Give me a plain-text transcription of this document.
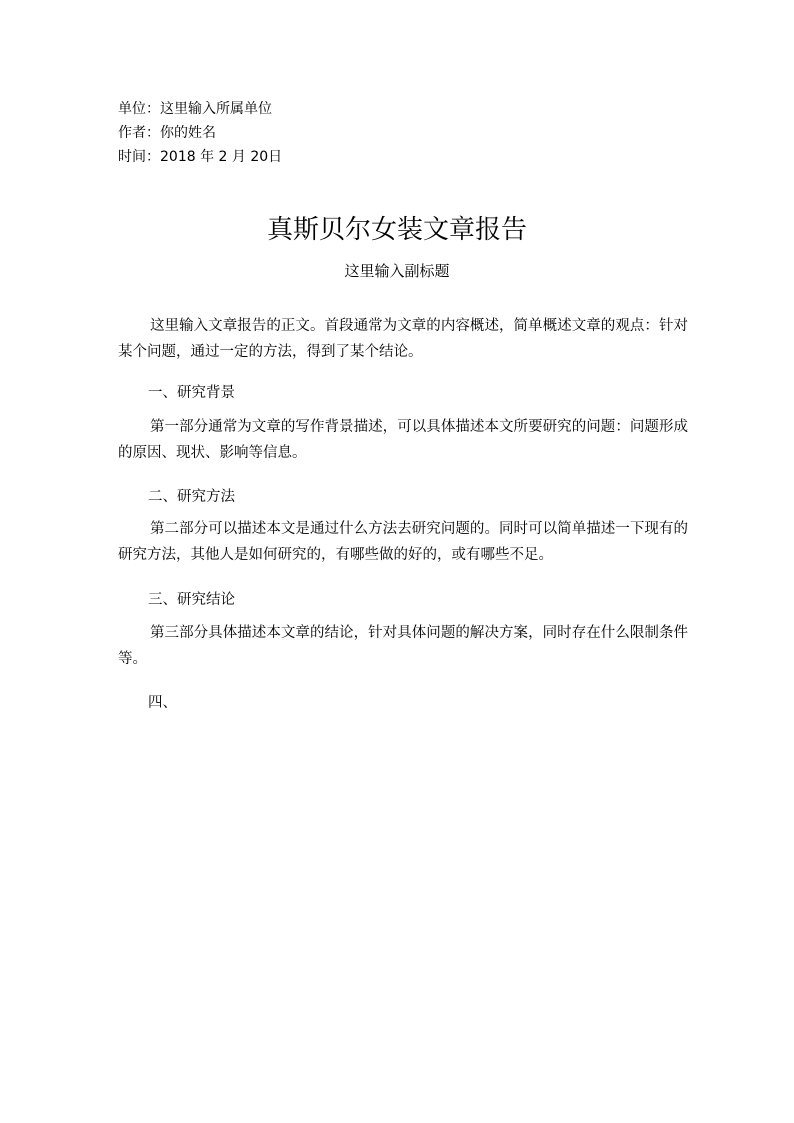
单位：这里输入所属单位
作者：你的姓名
时间：2018 年 2 月 20日
真斯贝尔女装文章报告
这里输入副标题

这里输入文章报告的正文。首段通常为文章的内容概述，简单概述文章的观点：针对某个问题，通过一定的方法，得到了某个结论。

一、研究背景

第一部分通常为文章的写作背景描述，可以具体描述本文所要研究的问题：问题形成的原因、现状、影响等信息。

二、研究方法

第二部分可以描述本文是通过什么方法去研究问题的。同时可以简单描述一下现有的研究方法，其他人是如何研究的，有哪些做的好的，或有哪些不足。

三、研究结论

第三部分具体描述本文章的结论，针对具体问题的解决方案，同时存在什么限制条件等。

四、
